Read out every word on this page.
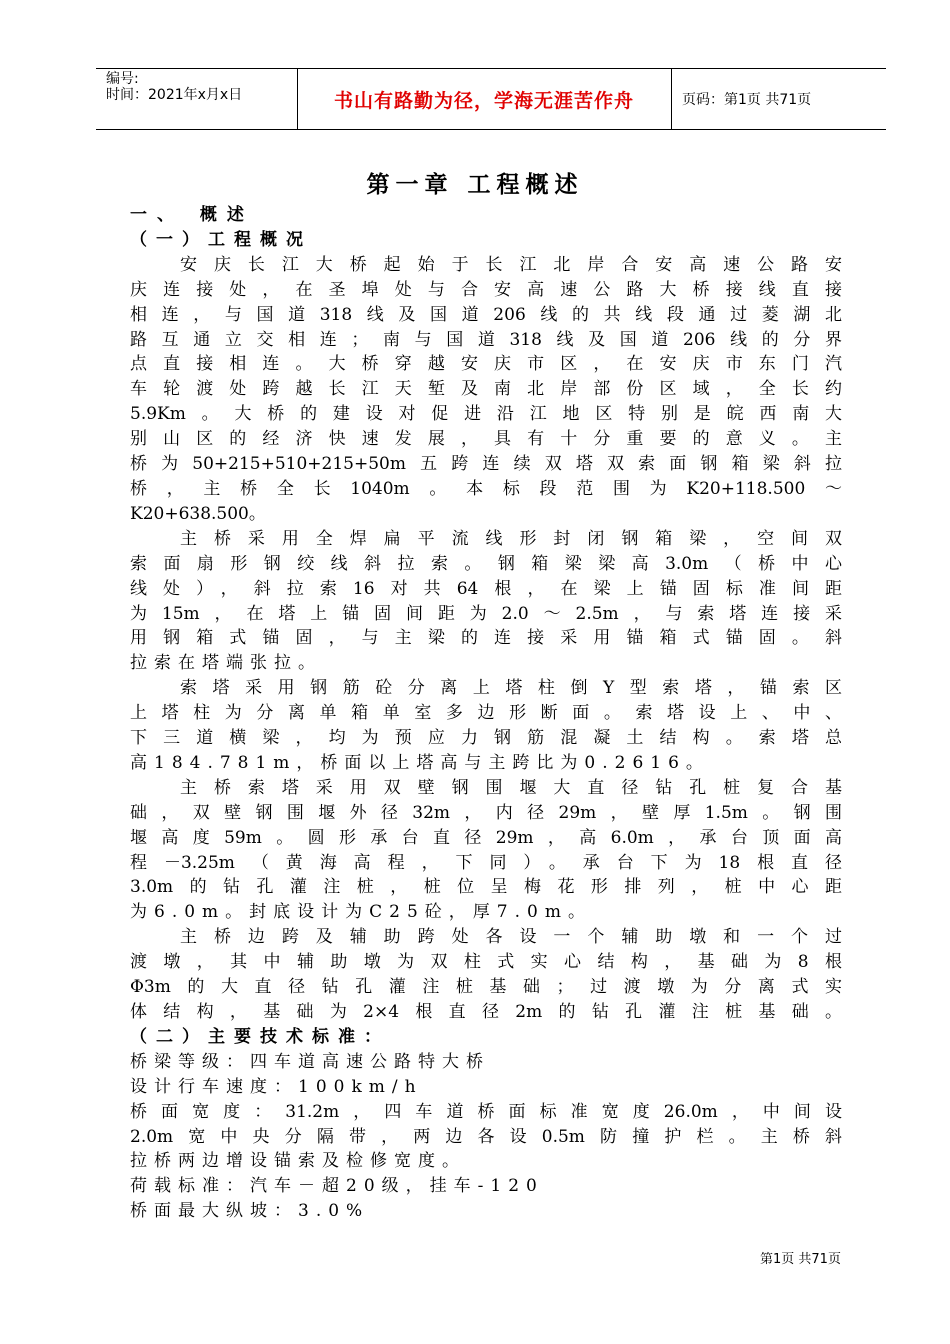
编号:
时间：2021年x月x日	书山有路勤为径，学海无涯苦作舟	页码：第1页 共71页
第一章 工程概述
一、 概述
（一）工程概况

安庆长江大桥起始于长江北岸合安高速公路安
庆连接处，在圣埠处与合安高速公路大桥接线直接
相连，与国道318线及国道206线的共线段通过菱湖北
路互通立交相连；南与国道318线及国道206线的分界
点直接相连。大桥穿越安庆市区，在安庆市东门汽
车轮渡处跨越长江天堑及南北岸部份区域，全长约
5.9Km。大桥的建设对促进沿江地区特别是皖西南大
别山区的经济快速发展，具有十分重要的意义。主
桥为50+215+510+215+50m五跨连续双塔双索面钢箱梁斜拉
桥，主桥全长1040m。本标段范围为K20+118.500～
K20+638.500。

主桥采用全焊扁平流线形封闭钢箱梁，空间双
索面扇形钢绞线斜拉索。钢箱梁梁高3.0m（桥中心
线处），斜拉索16对共64根，在梁上锚固标准间距
为15m，在塔上锚固间距为2.0～2.5m，与索塔连接采
用钢箱式锚固，与主梁的连接采用锚箱式锚固。斜
拉索在塔端张拉。

索塔采用钢筋砼分离上塔柱倒Y型索塔，锚索区
上塔柱为分离单箱单室多边形断面。索塔设上、中、
下三道横梁，均为预应力钢筋混凝土结构。索塔总
高184.781m，桥面以上塔高与主跨比为0.2616。

主桥索塔采用双壁钢围堰大直径钻孔桩复合基
础，双壁钢围堰外径32m，内径29m，壁厚1.5m。钢围
堰高度59m。圆形承台直径29m，高6.0m，承台顶面高
程－3.25m（黄海高程，下同）。承台下为18根直径
3.0m的钻孔灌注桩，桩位呈梅花形排列，桩中心距
为6.0m。封底设计为C25砼，厚7.0m。

主桥边跨及辅助跨处各设一个辅助墩和一个过
渡墩，其中辅助墩为双柱式实心结构，基础为8根
Φ3m的大直径钻孔灌注桩基础；过渡墩为分离式实
体结构，基础为2×4根直径2m的钻孔灌注桩基础。

（二）主要技术标准：

桥梁等级：四车道高速公路特大桥
设计行车速度：100km/h
桥面宽度：31.2m，四车道桥面标准宽度26.0m，中间设
2.0m宽中央分隔带，两边各设0.5m防撞护栏。主桥斜
拉桥两边增设锚索及检修宽度。
荷载标准：汽车－超20级，挂车-120
桥面最大纵坡：3.0%

第1页 共71页
